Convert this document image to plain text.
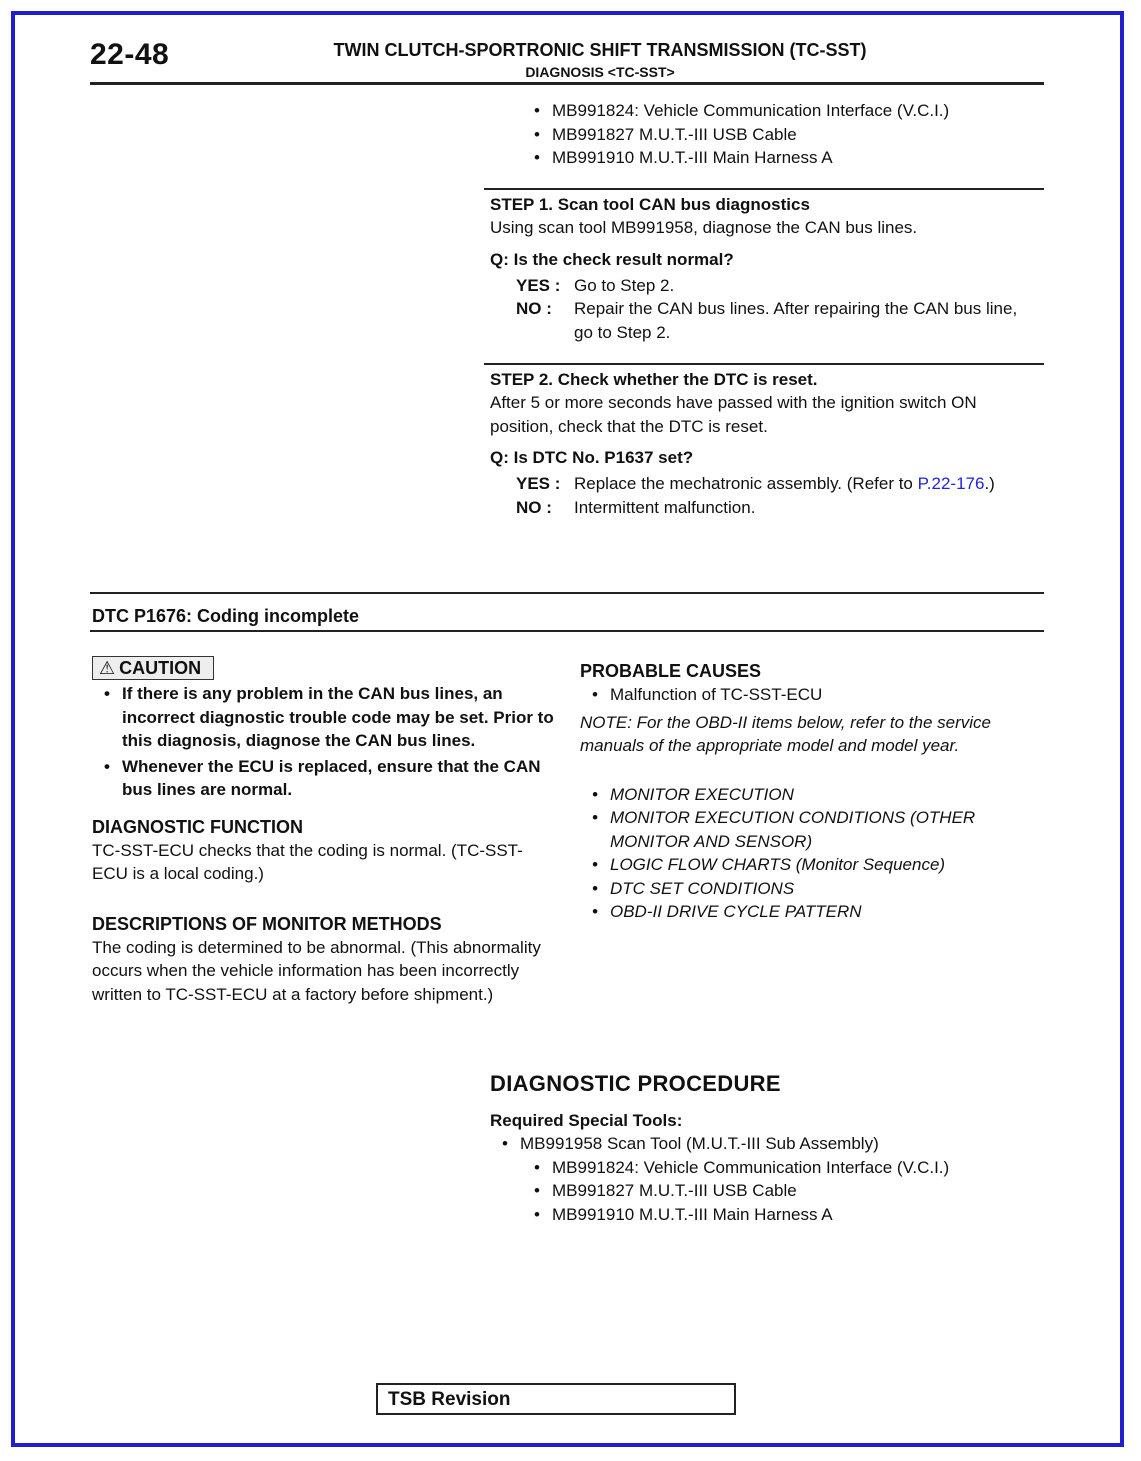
22-48	TWIN CLUTCH-SPORTRONIC SHIFT TRANSMISSION (TC-SST)
DIAGNOSIS <TC-SST>
• MB991824: Vehicle Communication Interface (V.C.I.)
• MB991827 M.U.T.-III USB Cable
• MB991910 M.U.T.-III Main Harness A
STEP 1. Scan tool CAN bus diagnostics
Using scan tool MB991958, diagnose the CAN bus lines.
Q: Is the check result normal?
YES : Go to Step 2.
NO :	Repair the CAN bus lines. After repairing the CAN bus line, go to Step 2.
STEP 2. Check whether the DTC is reset.
After 5 or more seconds have passed with the ignition switch ON position, check that the DTC is reset.
Q: Is DTC No. P1637 set?
YES : Replace the mechatronic assembly. (Refer to P.22-176.)
NO :	Intermittent malfunction.
DTC P1676: Coding incomplete
⚠ CAUTION
• If there is any problem in the CAN bus lines, an incorrect diagnostic trouble code may be set. Prior to this diagnosis, diagnose the CAN bus lines.
• Whenever the ECU is replaced, ensure that the CAN bus lines are normal.
DIAGNOSTIC FUNCTION
TC-SST-ECU checks that the coding is normal. (TC-SST-ECU is a local coding.)
DESCRIPTIONS OF MONITOR METHODS
The coding is determined to be abnormal. (This abnormality occurs when the vehicle information has been incorrectly written to TC-SST-ECU at a factory before shipment.)
PROBABLE CAUSES
• Malfunction of TC-SST-ECU
NOTE: For the OBD-II items below, refer to the service manuals of the appropriate model and model year.
• MONITOR EXECUTION
• MONITOR EXECUTION CONDITIONS (OTHER MONITOR AND SENSOR)
• LOGIC FLOW CHARTS (Monitor Sequence)
• DTC SET CONDITIONS
• OBD-II DRIVE CYCLE PATTERN
DIAGNOSTIC PROCEDURE
Required Special Tools:
• MB991958 Scan Tool (M.U.T.-III Sub Assembly)
• MB991824: Vehicle Communication Interface (V.C.I.)
• MB991827 M.U.T.-III USB Cable
• MB991910 M.U.T.-III Main Harness A
TSB Revision
